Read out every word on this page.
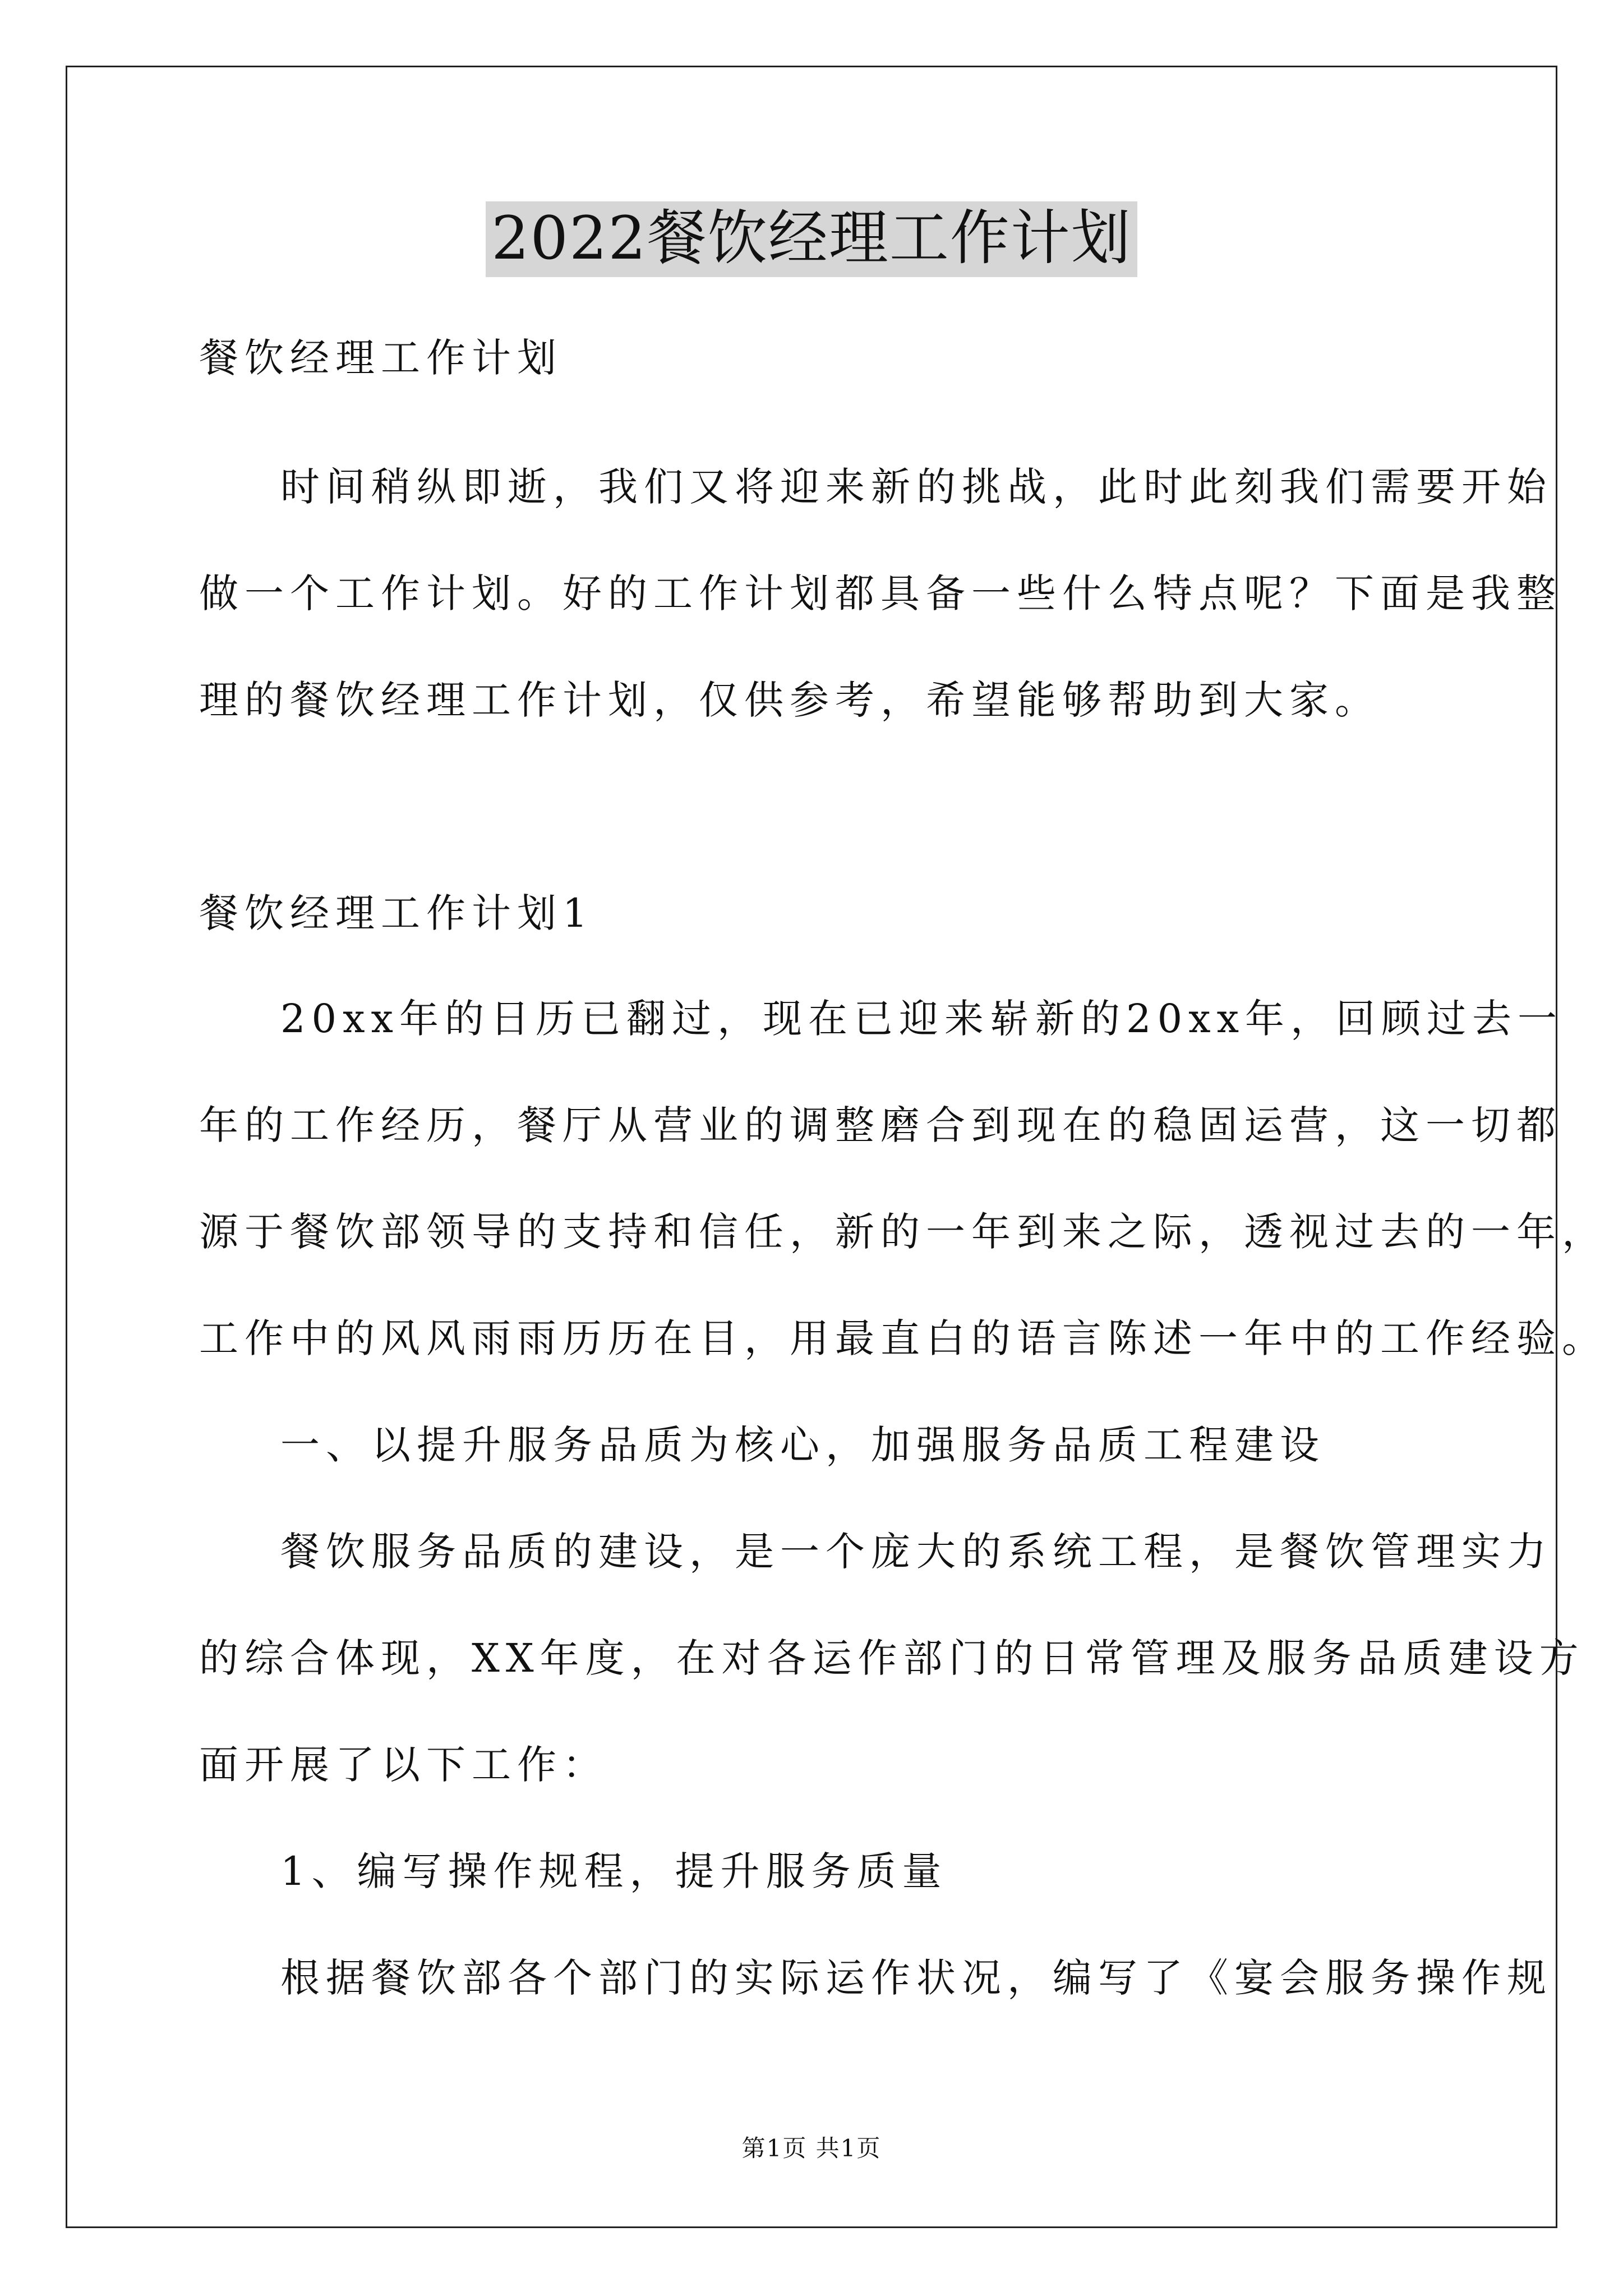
2022餐饮经理工作计划
餐饮经理工作计划
时间稍纵即逝，我们又将迎来新的挑战，此时此刻我们需要开始
做一个工作计划。好的工作计划都具备一些什么特点呢？下面是我整
理的餐饮经理工作计划，仅供参考，希望能够帮助到大家。
餐饮经理工作计划1
20xx年的日历已翻过，现在已迎来崭新的20xx年，回顾过去一
年的工作经历，餐厅从营业的调整磨合到现在的稳固运营，这一切都
源于餐饮部领导的支持和信任，新的一年到来之际，透视过去的一年，
工作中的风风雨雨历历在目，用最直白的语言陈述一年中的工作经验。
一、以提升服务品质为核心，加强服务品质工程建设
餐饮服务品质的建设，是一个庞大的系统工程，是餐饮管理实力
的综合体现，XX年度，在对各运作部门的日常管理及服务品质建设方
面开展了以下工作：
1、编写操作规程，提升服务质量
根据餐饮部各个部门的实际运作状况，编写了《宴会服务操作规
第1页 共1页
